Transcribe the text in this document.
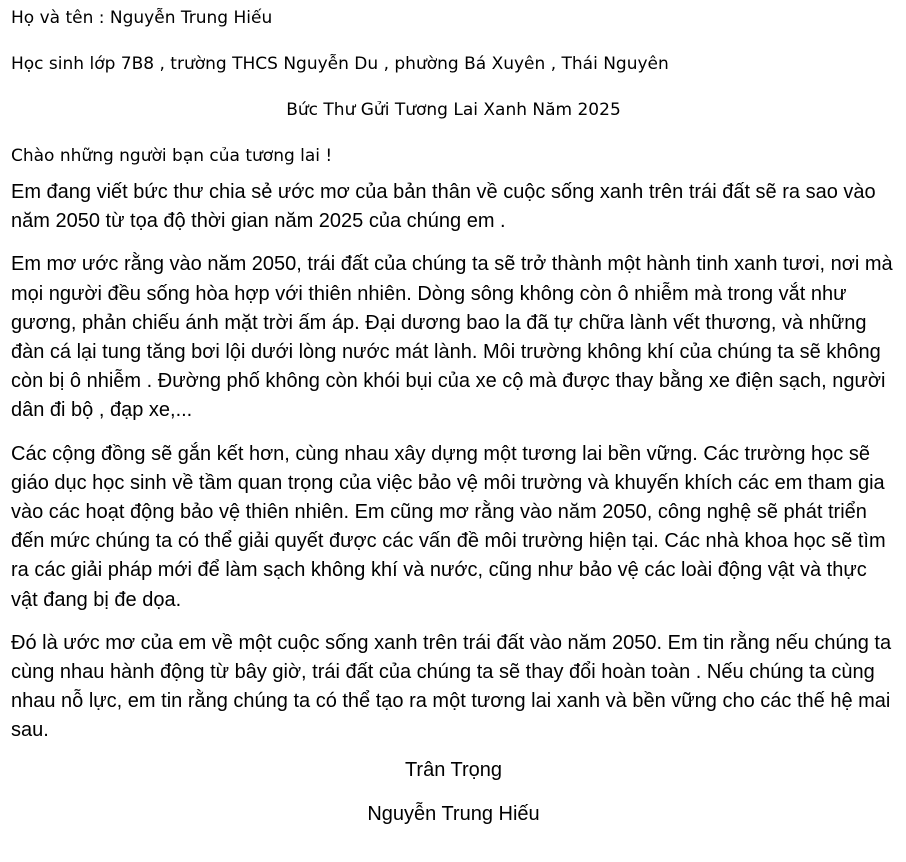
Họ và tên : Nguyễn Trung Hiếu

Học sinh lớp 7B8 , trường THCS Nguyễn Du , phường Bá Xuyên , Thái Nguyên

Bức Thư Gửi Tương Lai Xanh Năm 2025

Chào những người bạn của tương lai !

Em đang viết bức thư chia sẻ ước mơ của bản thân về cuộc sống xanh trên trái đất sẽ ra sao vào năm 2050 từ tọa độ thời gian năm 2025 của chúng em .

Em mơ ước rằng vào năm 2050, trái đất của chúng ta sẽ trở thành một hành tinh xanh tươi, nơi mà mọi người đều sống hòa hợp với thiên nhiên. Dòng sông không còn ô nhiễm mà trong vắt như gương, phản chiếu ánh mặt trời ấm áp. Đại dương bao la đã tự chữa lành vết thương, và những đàn cá lại tung tăng bơi lội dưới lòng nước mát lành. Môi trường không khí của chúng ta sẽ không còn bị ô nhiễm . Đường phố không còn khói bụi của xe cộ mà được thay bằng xe điện sạch, người dân đi bộ , đạp xe,...

Các cộng đồng sẽ gắn kết hơn, cùng nhau xây dựng một tương lai bền vững. Các trường học sẽ giáo dục học sinh về tầm quan trọng của việc bảo vệ môi trường và khuyến khích các em tham gia vào các hoạt động bảo vệ thiên nhiên. Em cũng mơ rằng vào năm 2050, công nghệ sẽ phát triển đến mức chúng ta có thể giải quyết được các vấn đề môi trường hiện tại. Các nhà khoa học sẽ tìm ra các giải pháp mới để làm sạch không khí và nước, cũng như bảo vệ các loài động vật và thực vật đang bị đe dọa.

Đó là ước mơ của em về một cuộc sống xanh trên trái đất vào năm 2050. Em tin rằng nếu chúng ta cùng nhau hành động từ bây giờ, trái đất của chúng ta sẽ thay đổi hoàn toàn . Nếu chúng ta cùng nhau nỗ lực, em tin rằng chúng ta có thể tạo ra một tương lai xanh và bền vững cho các thế hệ mai sau.

Trân Trọng

Nguyễn Trung Hiếu
